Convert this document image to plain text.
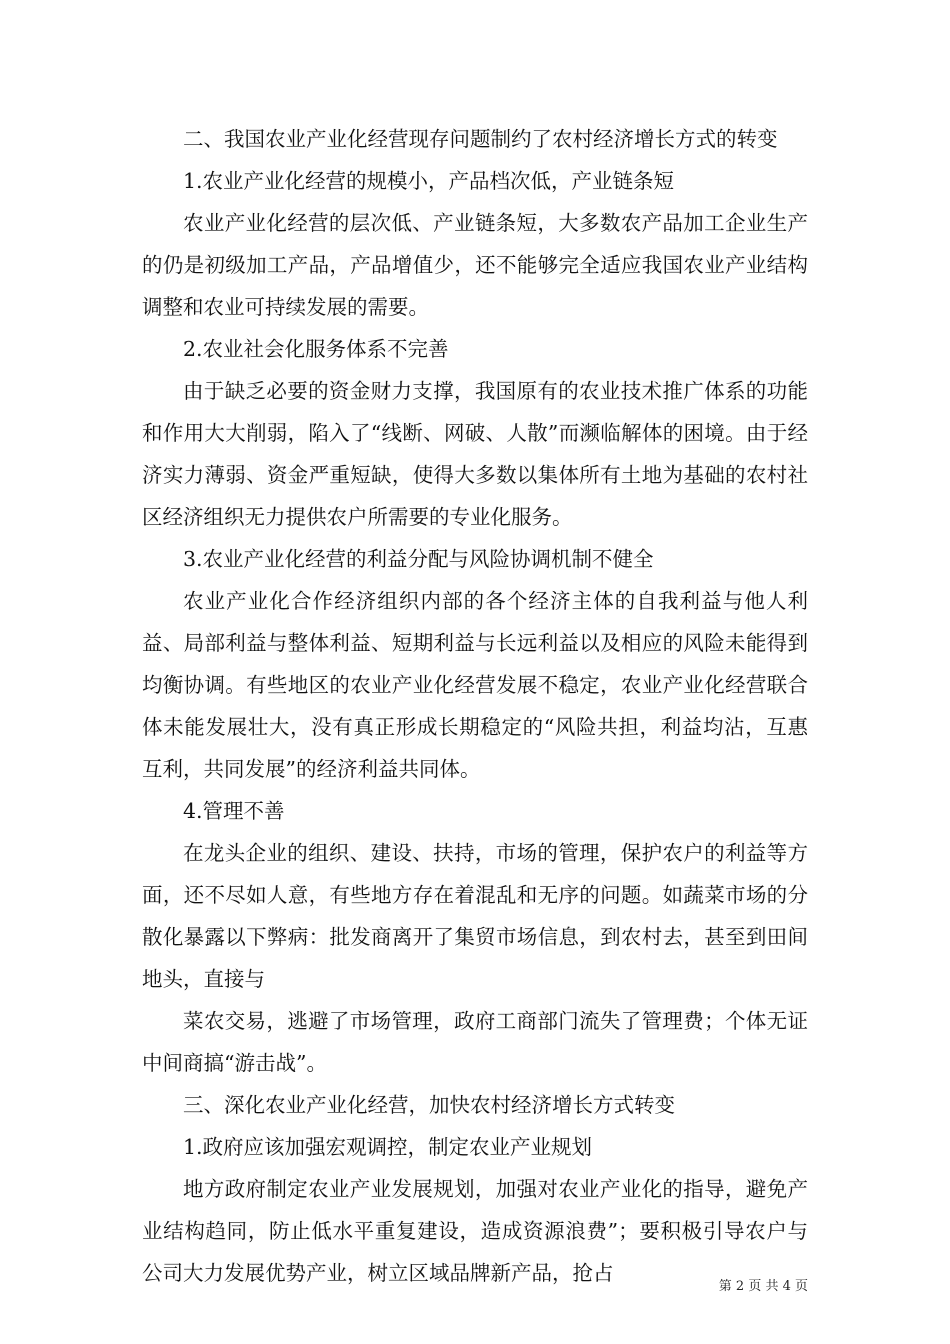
二、我国农业产业化经营现存问题制约了农村经济增长方式的转变

1.农业产业化经营的规模小，产品档次低，产业链条短

农业产业化经营的层次低、产业链条短，大多数农产品加工企业生产的仍是初级加工产品，产品增值少，还不能够完全适应我国农业产业结构调整和农业可持续发展的需要。

2.农业社会化服务体系不完善

由于缺乏必要的资金财力支撑，我国原有的农业技术推广体系的功能和作用大大削弱，陷入了“线断、网破、人散”而濒临解体的困境。由于经济实力薄弱、资金严重短缺，使得大多数以集体所有土地为基础的农村社区经济组织无力提供农户所需要的专业化服务。

3.农业产业化经营的利益分配与风险协调机制不健全

农业产业化合作经济组织内部的各个经济主体的自我利益与他人利益、局部利益与整体利益、短期利益与长远利益以及相应的风险未能得到均衡协调。有些地区的农业产业化经营发展不稳定，农业产业化经营联合体未能发展壮大，没有真正形成长期稳定的“风险共担，利益均沾，互惠互利，共同发展”的经济利益共同体。

4.管理不善

在龙头企业的组织、建设、扶持，市场的管理，保护农户的利益等方面，还不尽如人意，有些地方存在着混乱和无序的问题。如蔬菜市场的分散化暴露以下弊病：批发商离开了集贸市场信息，到农村去，甚至到田间地头，直接与

菜农交易，逃避了市场管理，政府工商部门流失了管理费；个体无证中间商搞“游击战”。

三、深化农业产业化经营，加快农村经济增长方式转变

1.政府应该加强宏观调控，制定农业产业规划

地方政府制定农业产业发展规划，加强对农业产业化的指导，避免产业结构趋同，防止低水平重复建设，造成资源浪费”；要积极引导农户与公司大力发展优势产业，树立区域品牌新产品，抢占

第 2 页 共 4 页
